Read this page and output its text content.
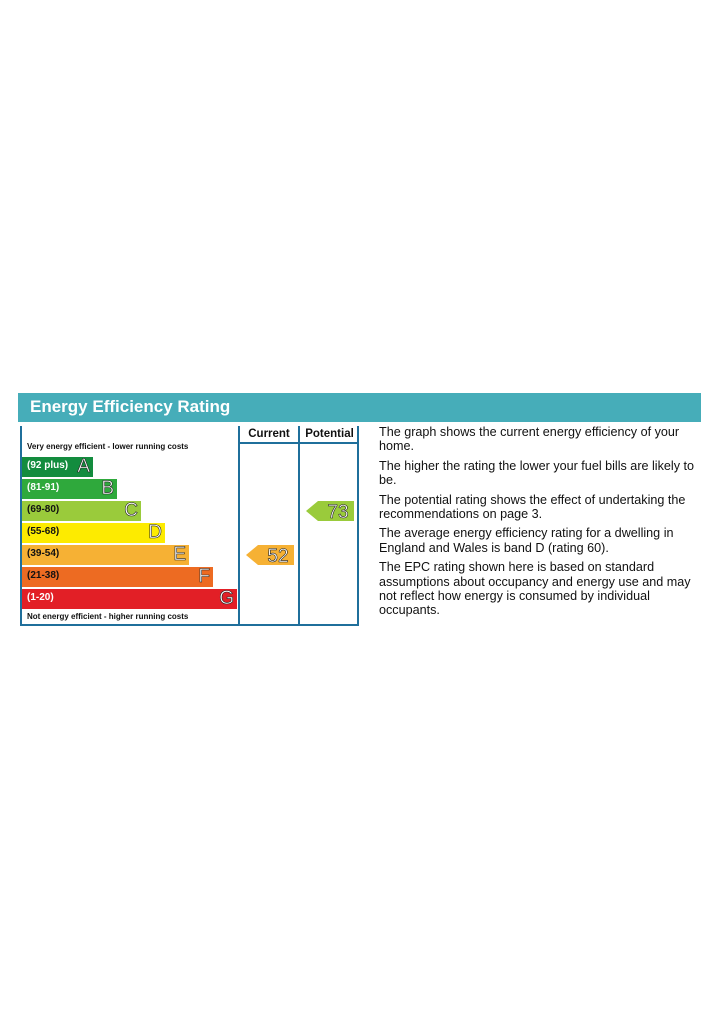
Energy Efficiency Rating
Current	Potential
Very energy efficient - lower running costs
(92 plus) A
(81-91) B
(69-80)	C
(55-68)	D
(39-54)	E
(21-38)	F
(1-20)	G
Not energy efficient - higher running costs
52
73

The graph shows the current energy efficiency of your home.

The higher the rating the lower your fuel bills are likely to be.

The potential rating shows the effect of undertaking the recommendations on page 3.

The average energy efficiency rating for a dwelling in England and Wales is band D (rating 60).

The EPC rating shown here is based on standard assumptions about occupancy and energy use and may not reflect how energy is consumed by individual occupants.
